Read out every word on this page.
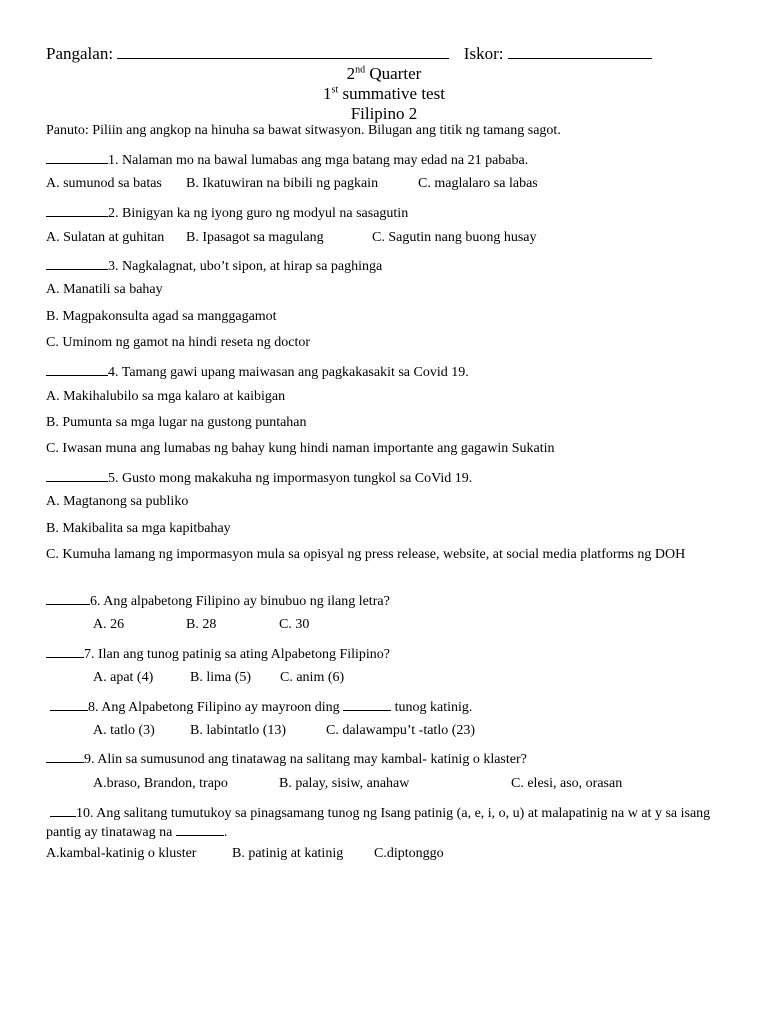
Pangalan:	Iskor:
2nd Quarter
1st summative test
Filipino 2
Panuto: Piliin ang angkop na hinuha sa bawat sitwasyon. Bilugan ang titik ng tamang sagot.
1. Nalaman mo na bawal lumabas ang mga batang may edad na 21 pababa.
A. sumunod sa batas B. Ikatuwiran na bibili ng pagkain	C. maglalaro sa labas
2. Binigyan ka ng iyong guro ng modyul na sasagutin
A. Sulatan at guhitan B. Ipasagot sa magulang	C. Sagutin nang buong husay
3. Nagkalagnat, ubo’t sipon, at hirap sa paghinga
A. Manatili sa bahay
B. Magpakonsulta agad sa manggagamot
C. Uminom ng gamot na hindi reseta ng doctor
4. Tamang gawi upang maiwasan ang pagkakasakit sa Covid 19.
A. Makihalubilo sa mga kalaro at kaibigan
B. Pumunta sa mga lugar na gustong puntahan
C. Iwasan muna ang lumabas ng bahay kung hindi naman importante ang gagawin Sukatin
5. Gusto mong makakuha ng impormasyon tungkol sa CoVid 19.
A. Magtanong sa publiko
B. Makibalita sa mga kapitbahay
C. Kumuha lamang ng impormasyon mula sa opisyal ng press release, website, at social media platforms ng DOH
6. Ang alpabetong Filipino ay binubuo ng ilang letra?
A. 26	B. 28	C. 30
7. Ilan ang tunog patinig sa ating Alpabetong Filipino?
A. apat (4)	B. lima (5) C. anim (6)
8. Ang Alpabetong Filipino ay mayroon ding	tunog katinig.
A. tatlo (3)	B. labintatlo (13)	C. dalawampu’t -tatlo (23)
9. Alin sa sumusunod ang tinatawag na salitang may kambal- katinig o klaster?
A.braso, Brandon, trapo	B. palay, sisiw, anahaw	C. elesi, aso, orasan
10. Ang salitang tumutukoy sa pinagsamang tunog ng Isang patinig (a, e, i, o, u) at malapatinig na w at y sa isang pantig ay tinatawag na	.
A.kambal-katinig o kluster	B. patinig at katinig C.diptonggo
